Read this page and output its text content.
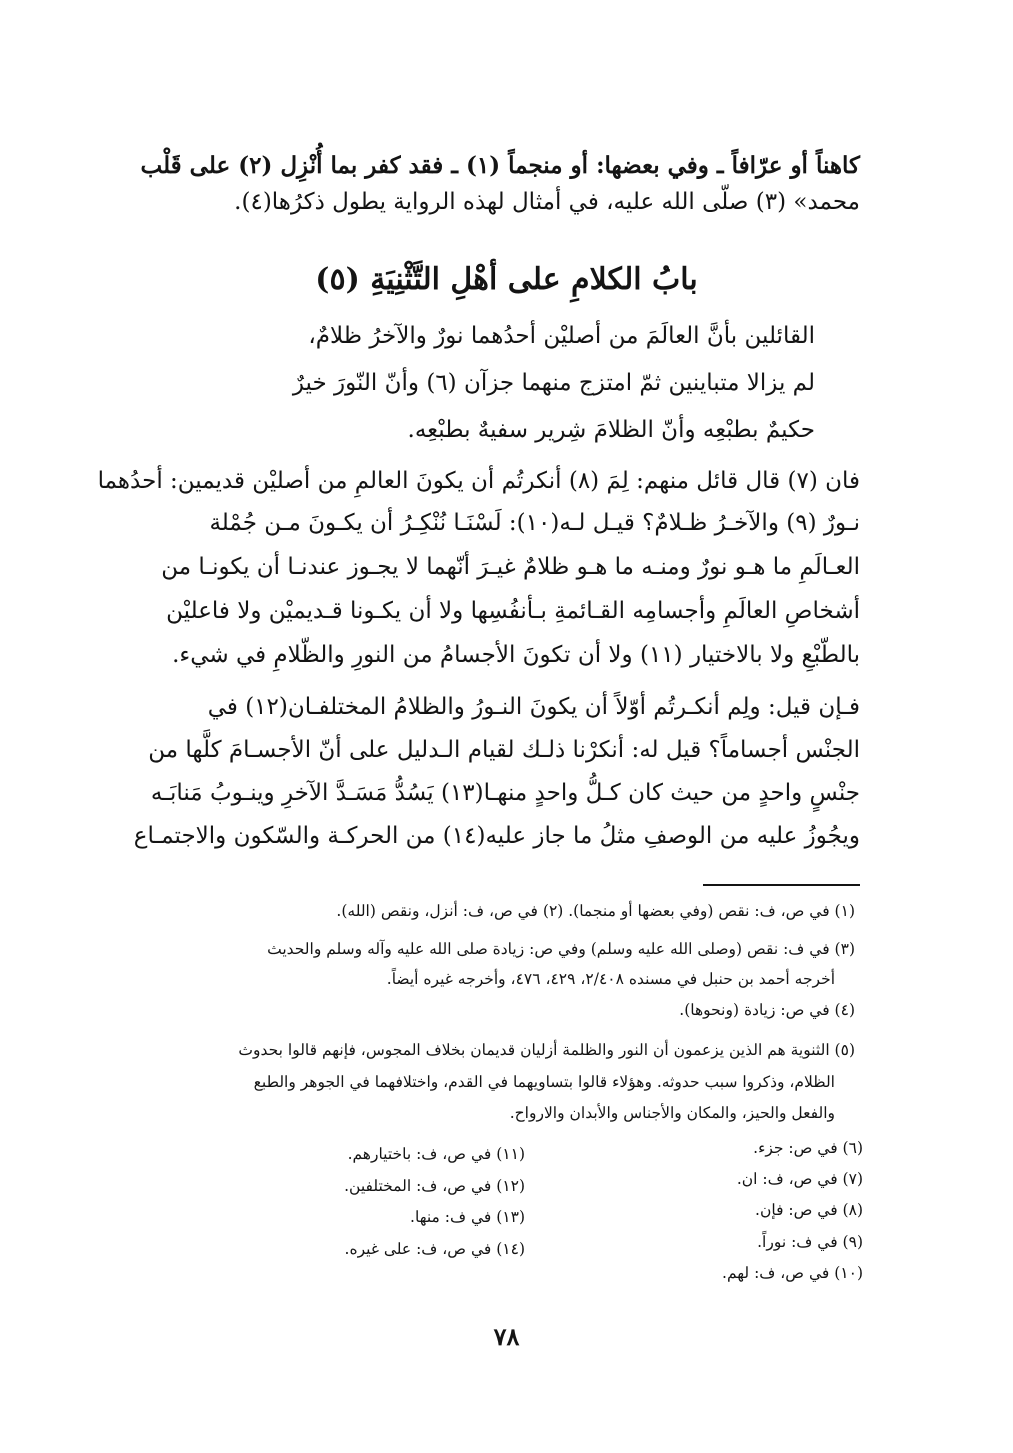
كاهناً أو عرّافاً ـ وفي بعضها: أو منجماً (١) ـ فقد كفر بما أُنْزِل (٢) على قَلْب

محمد» (٣) صلّى الله عليه، في أمثال لهذه الرواية يطول ذكرُها(٤).

بابُ الكلامِ على أهْلِ التَّثْنِيَةِ (٥)

القائلين بأنَّ العالَمَ من أصليْن أحدُهما نورٌ والآخرُ ظلامٌ،

لم يزالا متباينين ثمّ امتزج منهما جزآن (٦) وأنّ النّورَ خيرٌ

حكيمٌ بطبْعِه وأنّ الظلامَ شِرير سفيهٌ بطبْعِه.

فان (٧) قال قائل منهم: لِمَ (٨) أنكرتُم أن يكونَ العالمِ من أصليْن قديمين: أحدُهما

نـورٌ (٩) والآخـرُ ظـلامٌ؟ قيـل لـه(١٠): لَسْنَـا نُنْكِـرُ أن يكـونَ مـن جُمْلة

العـالَمِ ما هـو نورٌ ومنـه ما هـو ظلامٌ غيـرَ أنّهما لا يجـوز عندنـا أن يكونـا من

أشخاصِ العالَمِ وأجسامِه القـائمةِ بـأنفُسِها ولا أن يكـونا قـديميْن ولا فاعليْن

بالطّبْعِ ولا بالاختيار (١١) ولا أن تكونَ الأجسامُ من النورِ والظّلامِ في شيء.

فـإن قيل: ولِم أنكـرتُم أوّلاً أن يكونَ النـورُ والظلامُ المختلفـان(١٢) في

الجنْس أجساماً؟ قيل له: أنكرْنا ذلـك لقيام الـدليل على أنّ الأجسـامَ كلَّها من

جنْسٍ واحدٍ من حيث كان كـلُّ واحدٍ منهـا(١٣) يَسُدُّ مَسَـدَّ الآخرِ وينـوبُ مَنابَـه

ويجُوزُ عليه من الوصفِ مثلُ ما جاز عليه(١٤) من الحركـة والسّكون والاجتمـاع

(١) في ص، ف: نقص (وفي بعضها أو منجما). (٢) في ص، ف: أنزل، ونقص (الله).
(٣) في ف: نقص (وصلى الله عليه وسلم) وفي ص: زيادة صلى الله عليه وآله وسلم والحديث
أخرجه أحمد بن حنبل في مسنده ٢/٤٠٨، ٤٢٩، ٤٧٦، وأخرجه غيره أيضاً.
(٤) في ص: زيادة (ونحوها).
(٥) الثنوية هم الذين يزعمون أن النور والظلمة أزليان قديمان بخلاف المجوس، فإنهم قالوا بحدوث
الظلام، وذكروا سبب حدوثه. وهؤلاء قالوا بتساويهما في القدم، واختلافهما في الجوهر والطبع
والفعل والحيز، والمكان والأجناس والأبدان والارواح.
(٦) في ص: جزء.
(٧) في ص، ف: ان.
(٨) في ص: فإن.
(٩) في ف: نوراً.
(١٠) في ص، ف: لهم.
(١١) في ص، ف: باختيارهم.
(١٢) في ص، ف: المختلفين.
(١٣) في ف: منها.
(١٤) في ص، ف: على غيره.
٧٨
